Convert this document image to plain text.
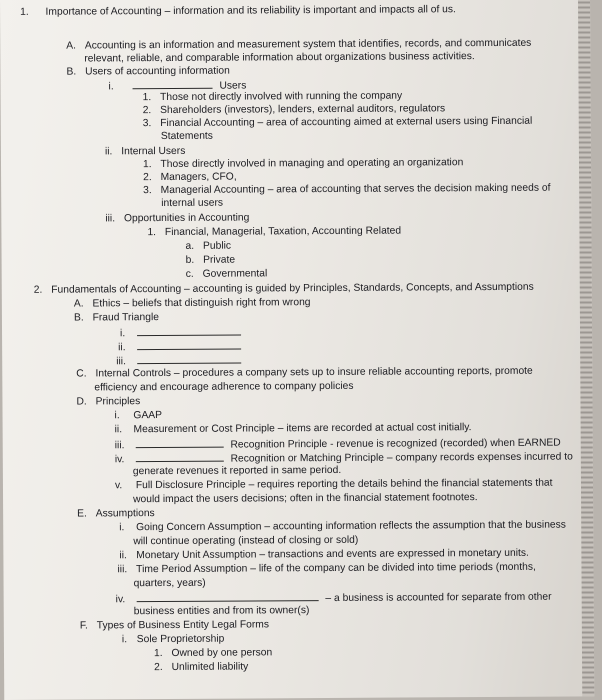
1. Importance of Accounting – information and its reliability is important and impacts all of us.
A. Accounting is an information and measurement system that identifies, records, and communicates
relevant, reliable, and comparable information about organizations business activities.
B. Users of accounting information
i.	Users
1. Those not directly involved with running the company
2. Shareholders (investors), lenders, external auditors, regulators
3. Financial Accounting – area of accounting aimed at external users using Financial
Statements
ii. Internal Users
1. Those directly involved in managing and operating an organization
2. Managers, CFO,
3. Managerial Accounting – area of accounting that serves the decision making needs of
internal users
iii. Opportunities in Accounting
1. Financial, Managerial, Taxation, Accounting Related
a. Public
b. Private
c. Governmental
2. Fundamentals of Accounting – accounting is guided by Principles, Standards, Concepts, and Assumptions
A. Ethics – beliefs that distinguish right from wrong
B. Fraud Triangle
i.
ii.
iii.
C. Internal Controls – procedures a company sets up to insure reliable accounting reports, promote
efficiency and encourage adherence to company policies
D. Principles
i. GAAP
ii. Measurement or Cost Principle – items are recorded at actual cost initially.
iii.	Recognition Principle - revenue is recognized (recorded) when EARNED
iv.	Recognition or Matching Principle – company records expenses incurred to
generate revenues it reported in same period.
v. Full Disclosure Principle – requires reporting the details behind the financial statements that
would impact the users decisions; often in the financial statement footnotes.
E. Assumptions
i. Going Concern Assumption – accounting information reflects the assumption that the business
will continue operating (instead of closing or sold)
ii. Monetary Unit Assumption – transactions and events are expressed in monetary units.
iii. Time Period Assumption – life of the company can be divided into time periods (months,
quarters, years)
iv.	– a business is accounted for separate from other
business entities and from its owner(s)
F. Types of Business Entity Legal Forms
i. Sole Proprietorship
1. Owned by one person
2. Unlimited liability
